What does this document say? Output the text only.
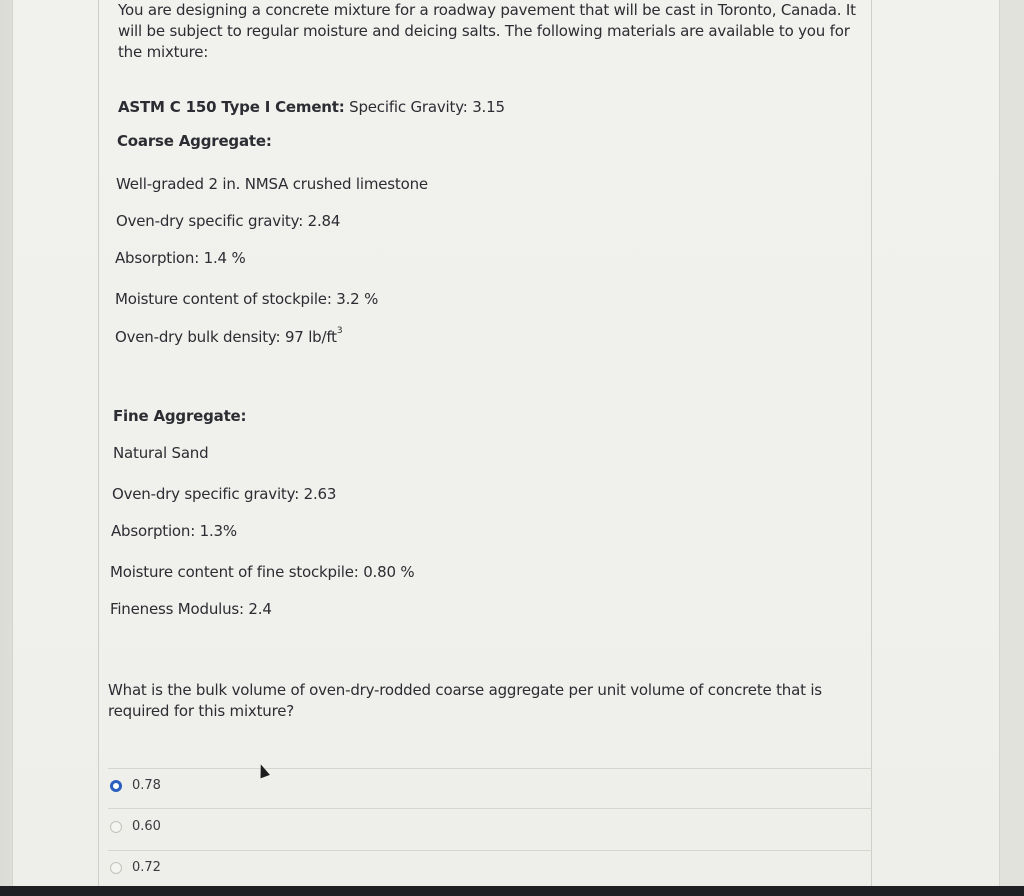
You are designing a concrete mixture for a roadway pavement that will be cast in Toronto, Canada. It
will be subject to regular moisture and deicing salts. The following materials are available to you for
the mixture:
ASTM C 150 Type I Cement: Specific Gravity: 3.15
Coarse Aggregate:
Well-graded 2 in. NMSA crushed limestone
Oven-dry specific gravity: 2.84
Absorption: 1.4 %
Moisture content of stockpile: 3.2 %
Oven-dry bulk density: 97 $lb/ft^3$
Fine Aggregate:
Natural Sand
Oven-dry specific gravity: 2.63
Absorption: 1.3%
Moisture content of fine stockpile: 0.80 %
Fineness Modulus: 2.4
What is the bulk volume of oven-dry-rodded coarse aggregate per unit volume of concrete that is
required for this mixture?
0.78
0.60
0.72
